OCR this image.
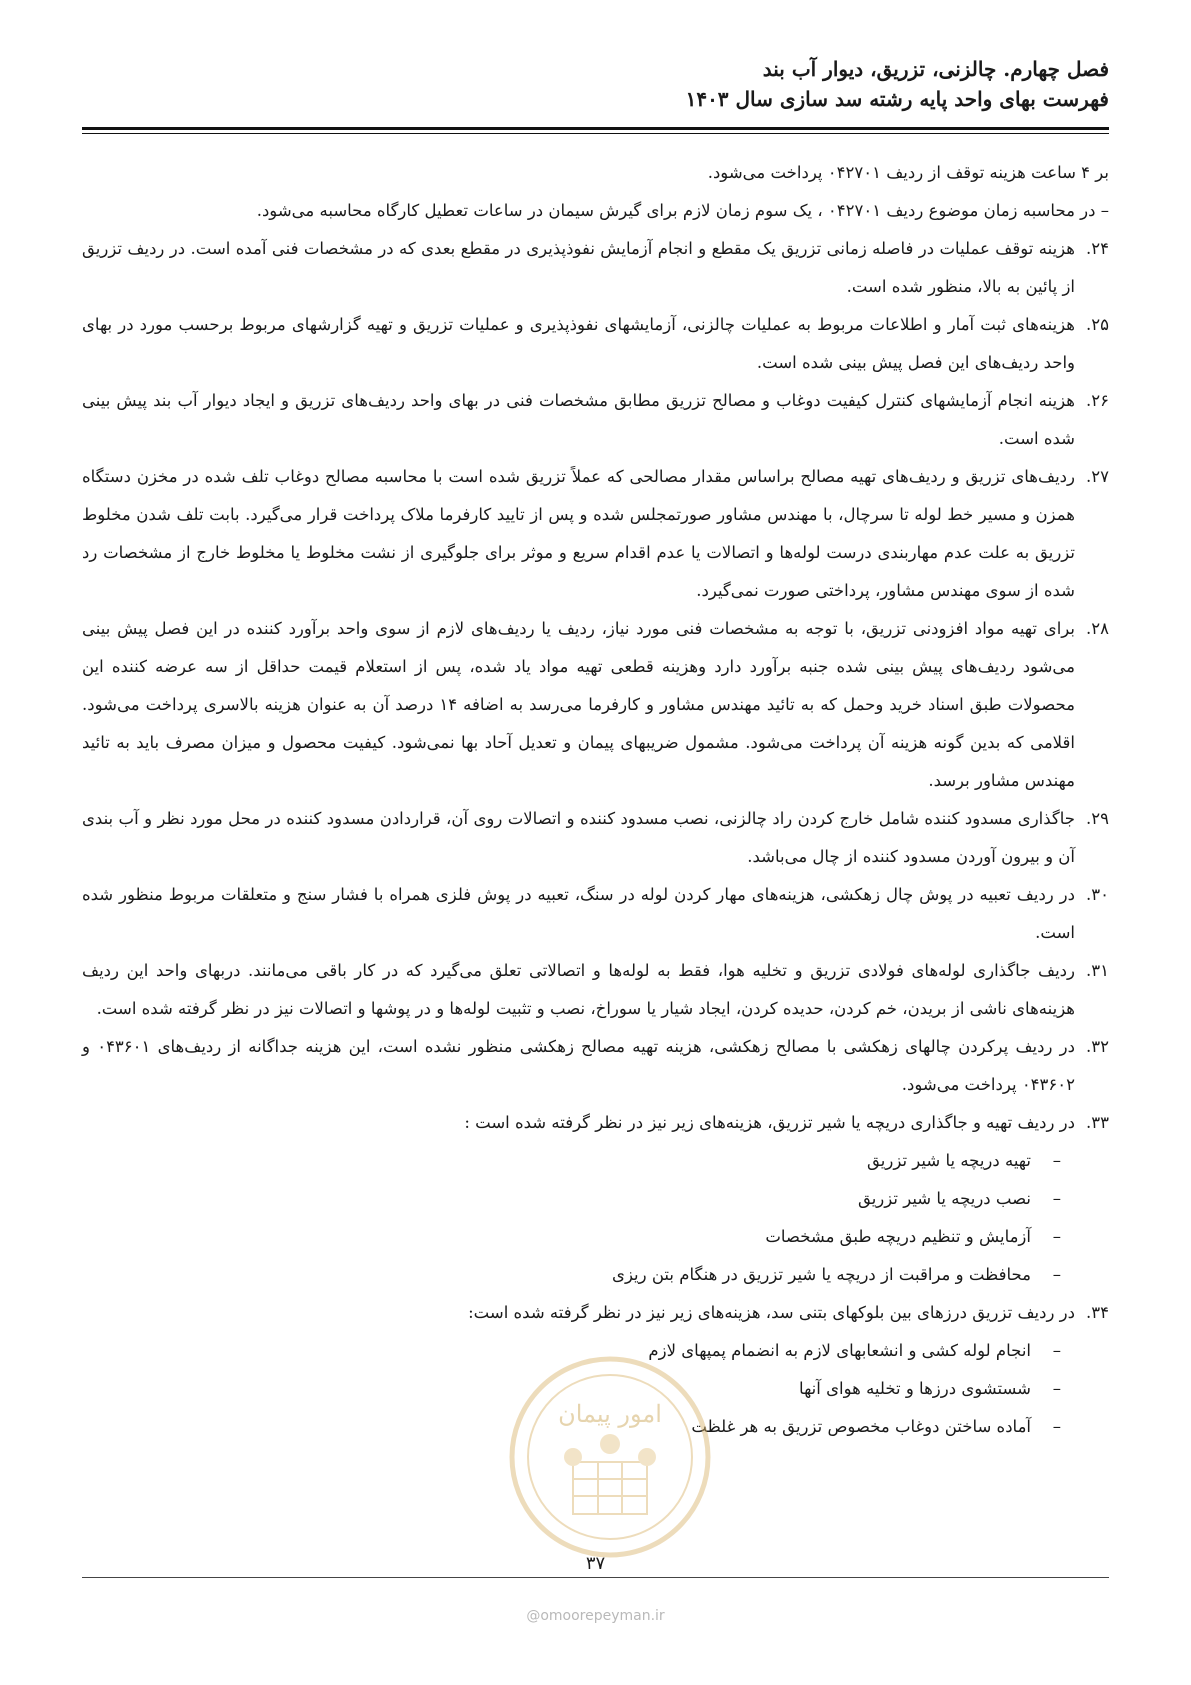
فصل چهارم. چالزنی، تزریق، دیوار آب بند
فهرست بهای واحد پایه رشته سد سازی سال ۱۴۰۳

بر ۴ ساعت هزینه توقف از ردیف ۰۴۲۷۰۱ پرداخت می‌شود.

– در محاسبه زمان موضوع ردیف ۰۴۲۷۰۱ ، یک سوم زمان لازم برای گیرش سیمان در ساعات تعطیل کارگاه محاسبه می‌شود.

۲۴.
هزینه توقف عملیات در فاصله زمانی تزریق یک مقطع و انجام آزمایش نفوذپذیری در مقطع بعدی که در مشخصات فنی آمده است. در ردیف تزریق از پائین به بالا، منظور شده است.
۲۵.
هزینه‌های ثبت آمار و اطلاعات مربوط به عملیات چالزنی، آزمایشهای نفوذپذیری و عملیات تزریق و تهیه گزارشهای مربوط برحسب مورد در بهای واحد ردیف‌های این فصل پیش بینی شده است.
۲۶.
هزینه انجام آزمایشهای کنترل کیفیت دوغاب و مصالح تزریق مطابق مشخصات فنی در بهای واحد ردیف‌های تزریق و ایجاد دیوار آب بند پیش بینی شده است.
۲۷.
ردیف‌های تزریق و ردیف‌های تهیه مصالح براساس مقدار مصالحی که عملاً تزریق شده است با محاسبه مصالح دوغاب تلف شده در مخزن دستگاه همزن و مسیر خط لوله تا سرچال، با مهندس مشاور صورتمجلس شده و پس از تایید کارفرما ملاک پرداخت قرار می‌گیرد. بابت تلف شدن مخلوط تزریق به علت عدم مهاربندی درست لوله‌ها و اتصالات یا عدم اقدام سریع و موثر برای جلوگیری از نشت مخلوط یا مخلوط خارج از مشخصات رد شده از سوی مهندس مشاور، پرداختی صورت نمی‌گیرد.
۲۸.
برای تهیه مواد افزودنی تزریق، با توجه به مشخصات فنی مورد نیاز، ردیف یا ردیف‌های لازم از سوی واحد برآورد کننده در این فصل پیش بینی می‌شود ردیف‌های پیش بینی شده جنبه برآورد دارد وهزینه قطعی تهیه مواد یاد شده، پس از استعلام قیمت حداقل از سه عرضه کننده این محصولات طبق اسناد خرید وحمل که به تائید مهندس مشاور و کارفرما می‌رسد به اضافه ۱۴ درصد آن به عنوان هزینه بالاسری پرداخت می‌شود. اقلامی که بدین گونه هزینه آن پرداخت می‌شود. مشمول ضریبهای پیمان و تعدیل آحاد بها نمی‌شود. کیفیت محصول و میزان مصرف باید به تائید مهندس مشاور برسد.
۲۹.
جاگذاری مسدود کننده شامل خارج کردن راد چالزنی، نصب مسدود کننده و اتصالات روی آن، قراردادن مسدود کننده در محل مورد نظر و آب بندی آن و بیرون آوردن مسدود کننده از چال می‌باشد.
۳۰.
در ردیف تعبیه در پوش چال زهکشی، هزینه‌های مهار کردن لوله در سنگ، تعبیه در پوش فلزی همراه با فشار سنج و متعلقات مربوط منظور شده است.
۳۱.
ردیف جاگذاری لوله‌های فولادی تزریق و تخلیه هوا، فقط به لوله‌ها و اتصالاتی تعلق می‌گیرد که در کار باقی می‌مانند. دربهای واحد این ردیف هزینه‌های ناشی از بریدن، خم کردن، حدیده کردن، ایجاد شیار یا سوراخ، نصب و تثبیت لوله‌ها و در پوشها و اتصالات نیز در نظر گرفته شده است.
۳۲.
در ردیف پرکردن چالهای زهکشی با مصالح زهکشی، هزینه تهیه مصالح زهکشی منظور نشده است، این هزینه جداگانه از ردیف‌های ۰۴۳۶۰۱ و ۰۴۳۶۰۲ پرداخت می‌شود.
۳۳.
در ردیف تهیه و جاگذاری دریچه یا شیر تزریق، هزینه‌های زیر نیز در نظر گرفته شده است :
–تهیه دریچه یا شیر تزریق
–نصب دریچه یا شیر تزریق
–آزمایش و تنظیم دریچه طبق مشخصات
–محافظت و مراقبت از دریچه یا شیر تزریق در هنگام بتن ریزی
۳۴.
در ردیف تزریق درزهای بین بلوکهای بتنی سد، هزینه‌های زیر نیز در نظر گرفته شده است:
–انجام لوله کشی و انشعابهای لازم به انضمام پمپهای لازم
–شستشوی درزها و تخلیه هوای آنها
–آماده ساختن دوغاب مخصوص تزریق به هر غلظت
امور پیمان
۳۷
@omoorepeyman.ir
